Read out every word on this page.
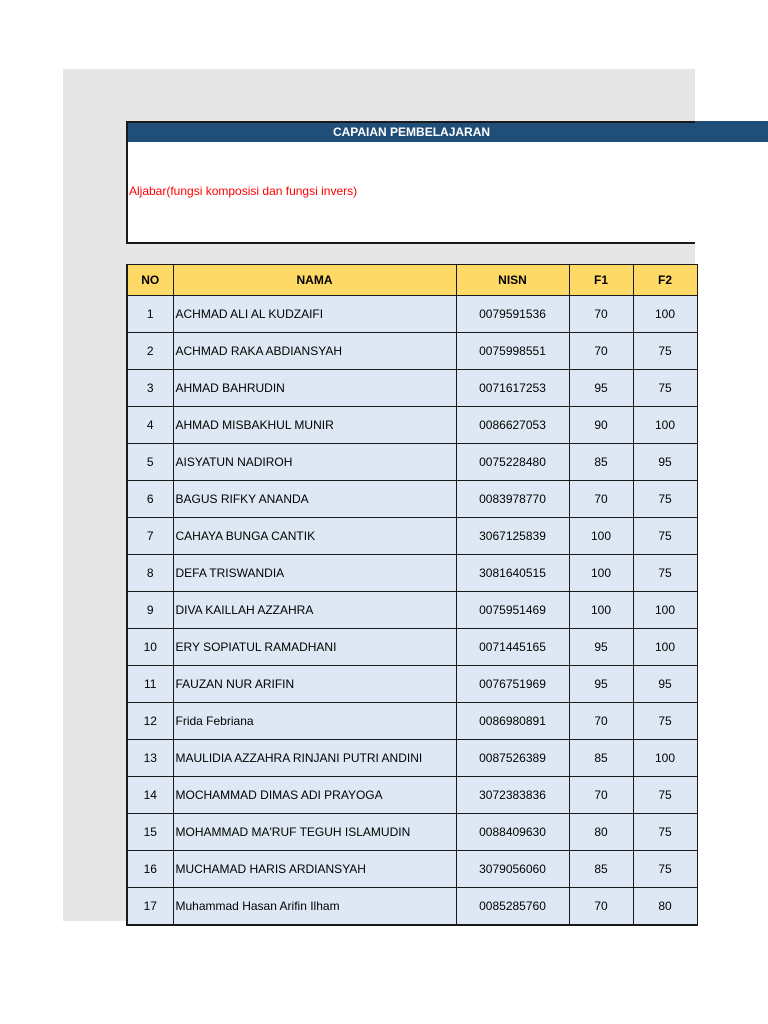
CAPAIAN PEMBELAJARAN
Aljabar(fungsi komposisi dan fungsi invers)
NO	NAMA	NISN	F1	F2
1	ACHMAD ALI AL KUDZAIFI	0079591536	70	100
2	ACHMAD RAKA ABDIANSYAH	0075998551	70	75
3	AHMAD BAHRUDIN	0071617253	95	75
4	AHMAD MISBAKHUL MUNIR	0086627053	90	100
5	AISYATUN NADIROH	0075228480	85	95
6	BAGUS RIFKY ANANDA	0083978770	70	75
7	CAHAYA BUNGA CANTIK	3067125839	100	75
8	DEFA TRISWANDIA	3081640515	100	75
9	DIVA KAILLAH AZZAHRA	0075951469	100	100
10	ERY SOPIATUL RAMADHANI	0071445165	95	100
11	FAUZAN NUR ARIFIN	0076751969	95	95
12	Frida Febriana	0086980891	70	75
13	MAULIDIA AZZAHRA RINJANI PUTRI ANDINI	0087526389	85	100
14	MOCHAMMAD DIMAS ADI PRAYOGA	3072383836	70	75
15	MOHAMMAD MA'RUF TEGUH ISLAMUDIN	0088409630	80	75
16	MUCHAMAD HARIS ARDIANSYAH	3079056060	85	75
17	Muhammad Hasan Arifin Ilham	0085285760	70	80
